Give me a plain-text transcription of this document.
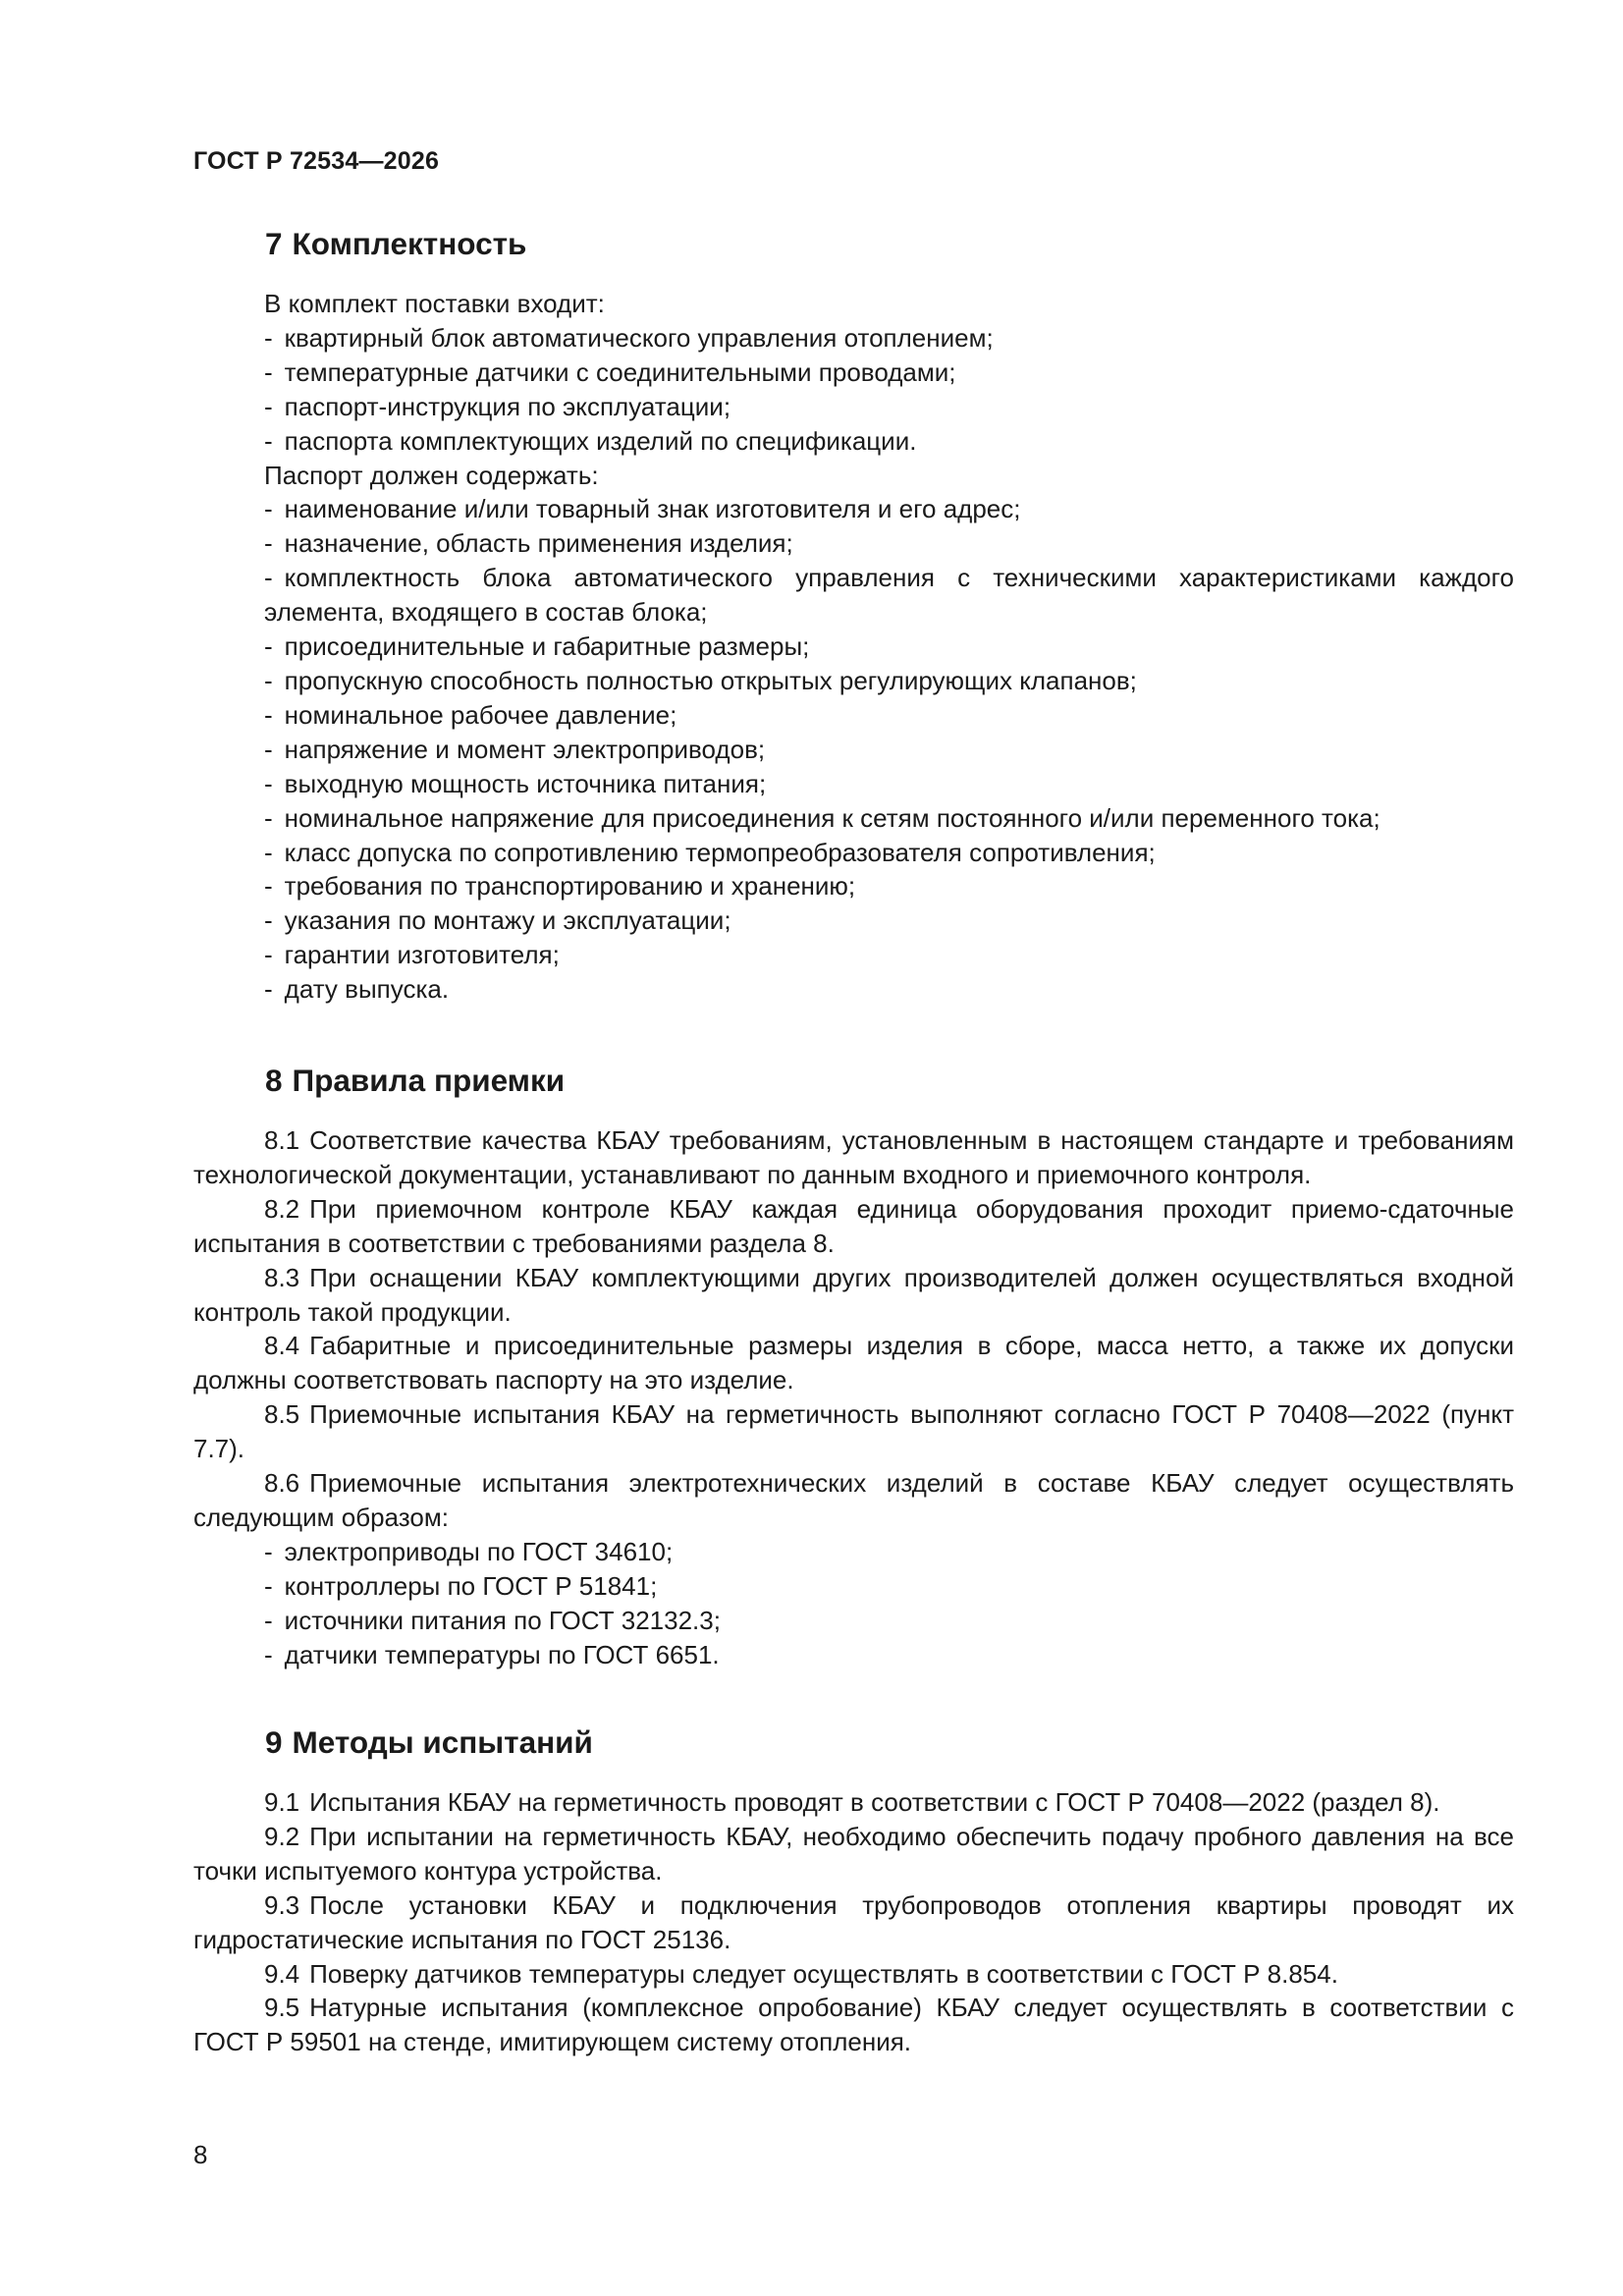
ГОСТ Р 72534—2026
7 Комплектность

В комплект поставки входит:

- квартирный блок автоматического управления отоплением;

- температурные датчики с соединительными проводами;

- паспорт-инструкция по эксплуатации;

- паспорта комплектующих изделий по спецификации.

Паспорт должен содержать:

- наименование и/или товарный знак изготовителя и его адрес;

- назначение, область применения изделия;

- комплектность блока автоматического управления с техническими характеристиками каждого элемента, входящего в состав блока;

- присоединительные и габаритные размеры;

- пропускную способность полностью открытых регулирующих клапанов;

- номинальное рабочее давление;

- напряжение и момент электроприводов;

- выходную мощность источника питания;

- номинальное напряжение для присоединения к сетям постоянного и/или переменного тока;

- класс допуска по сопротивлению термопреобразователя сопротивления;

- требования по транспортированию и хранению;

- указания по монтажу и эксплуатации;

- гарантии изготовителя;

- дату выпуска.

8 Правила приемки

8.1 Соответствие качества КБАУ требованиям, установленным в настоящем стандарте и требованиям технологической документации, устанавливают по данным входного и приемочного контроля.

8.2 При приемочном контроле КБАУ каждая единица оборудования проходит приемо-сдаточные испытания в соответствии с требованиями раздела 8.

8.3 При оснащении КБАУ комплектующими других производителей должен осуществляться входной контроль такой продукции.

8.4 Габаритные и присоединительные размеры изделия в сборе, масса нетто, а также их допуски должны соответствовать паспорту на это изделие.

8.5 Приемочные испытания КБАУ на герметичность выполняют согласно ГОСТ Р 70408—2022 (пункт 7.7).

8.6 Приемочные испытания электротехнических изделий в составе КБАУ следует осуществлять следующим образом:

- электроприводы по ГОСТ 34610;

- контроллеры по ГОСТ Р 51841;

- источники питания по ГОСТ 32132.3;

- датчики температуры по ГОСТ 6651.

9 Методы испытаний

9.1 Испытания КБАУ на герметичность проводят в соответствии с ГОСТ Р 70408—2022 (раздел 8).

9.2 При испытании на герметичность КБАУ, необходимо обеспечить подачу пробного давления на все точки испытуемого контура устройства.

9.3 После установки КБАУ и подключения трубопроводов отопления квартиры проводят их гидростатические испытания по ГОСТ 25136.

9.4 Поверку датчиков температуры следует осуществлять в соответствии с ГОСТ Р 8.854.

9.5 Натурные испытания (комплексное опробование) КБАУ следует осуществлять в соответствии с ГОСТ Р 59501 на стенде, имитирующем систему отопления.

8
